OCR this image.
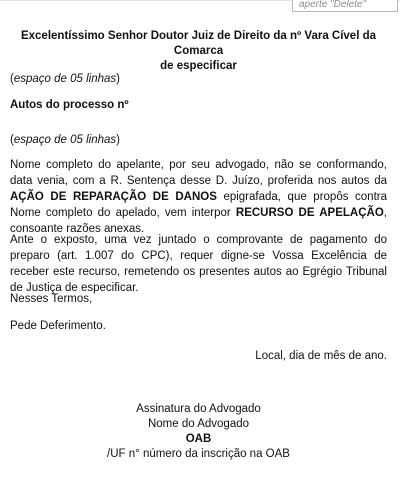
aperte "Delete"

Excelentíssimo Senhor Doutor Juiz de Direito da nº Vara Cível da Comarca
de especificar

(espaço de 05 linhas)

Autos do processo nº

(espaço de 05 linhas)

Nome completo do apelante, por seu advogado, não se conformando, data venia, com a R. Sentença desse D. Juízo, proferida nos autos da AÇÃO DE REPARAÇÃO DE DANOS epigrafada, que propôs contra Nome completo do apelado, vem interpor RECURSO DE APELAÇÃO, consoante razões anexas.

Ante o exposto, uma vez juntado o comprovante de pagamento do preparo (art. 1.007 do CPC), requer digne-se Vossa Excelência de receber este recurso, remetendo os presentes autos ao Egrégio Tribunal de Justiça de especificar.

Nesses Termos,

Pede Deferimento.

Local, dia de mês de ano.

Assinatura do Advogado
Nome do Advogado
OAB
/UF n° número da inscrição na OAB
